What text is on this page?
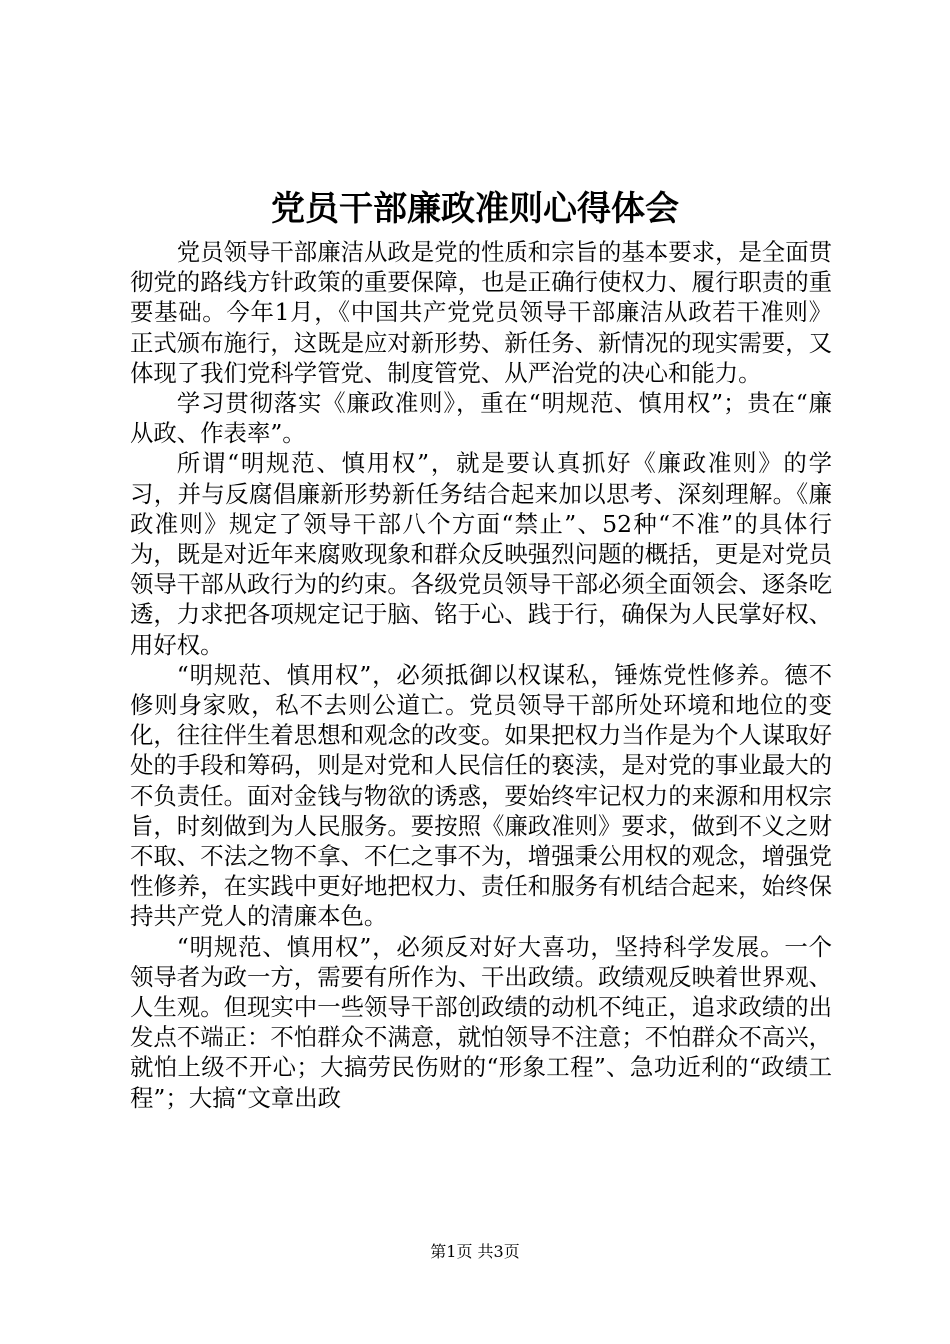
党员干部廉政准则心得体会

党员领导干部廉洁从政是党的性质和宗旨的基本要求，是全面贯彻党的路线方针政策的重要保障，也是正确行使权力、履行职责的重要基础。今年1月，《中国共产党党员领导干部廉洁从政若干准则》正式颁布施行，这既是应对新形势、新任务、新情况的现实需要，又体现了我们党科学管党、制度管党、从严治党的决心和能力。

学习贯彻落实《廉政准则》，重在“明规范、慎用权”；贵在“廉从政、作表率”。

所谓“明规范、慎用权”，就是要认真抓好《廉政准则》的学习，并与反腐倡廉新形势新任务结合起来加以思考、深刻理解。《廉政准则》规定了领导干部八个方面“禁止”、52种“不准”的具体行为，既是对近年来腐败现象和群众反映强烈问题的概括，更是对党员领导干部从政行为的约束。各级党员领导干部必须全面领会、逐条吃透，力求把各项规定记于脑、铭于心、践于行，确保为人民掌好权、用好权。

“明规范、慎用权”，必须抵御以权谋私，锤炼党性修养。德不修则身家败，私不去则公道亡。党员领导干部所处环境和地位的变化，往往伴生着思想和观念的改变。如果把权力当作是为个人谋取好处的手段和筹码，则是对党和人民信任的亵渎，是对党的事业最大的不负责任。面对金钱与物欲的诱惑，要始终牢记权力的来源和用权宗旨，时刻做到为人民服务。要按照《廉政准则》要求，做到不义之财不取、不法之物不拿、不仁之事不为，增强秉公用权的观念，增强党性修养，在实践中更好地把权力、责任和服务有机结合起来，始终保持共产党人的清廉本色。

“明规范、慎用权”，必须反对好大喜功，坚持科学发展。一个领导者为政一方，需要有所作为、干出政绩。政绩观反映着世界观、人生观。但现实中一些领导干部创政绩的动机不纯正，追求政绩的出发点不端正：不怕群众不满意，就怕领导不注意；不怕群众不高兴，就怕上级不开心；大搞劳民伤财的“形象工程”、急功近利的“政绩工程”；大搞“文章出政

第1页 共3页
